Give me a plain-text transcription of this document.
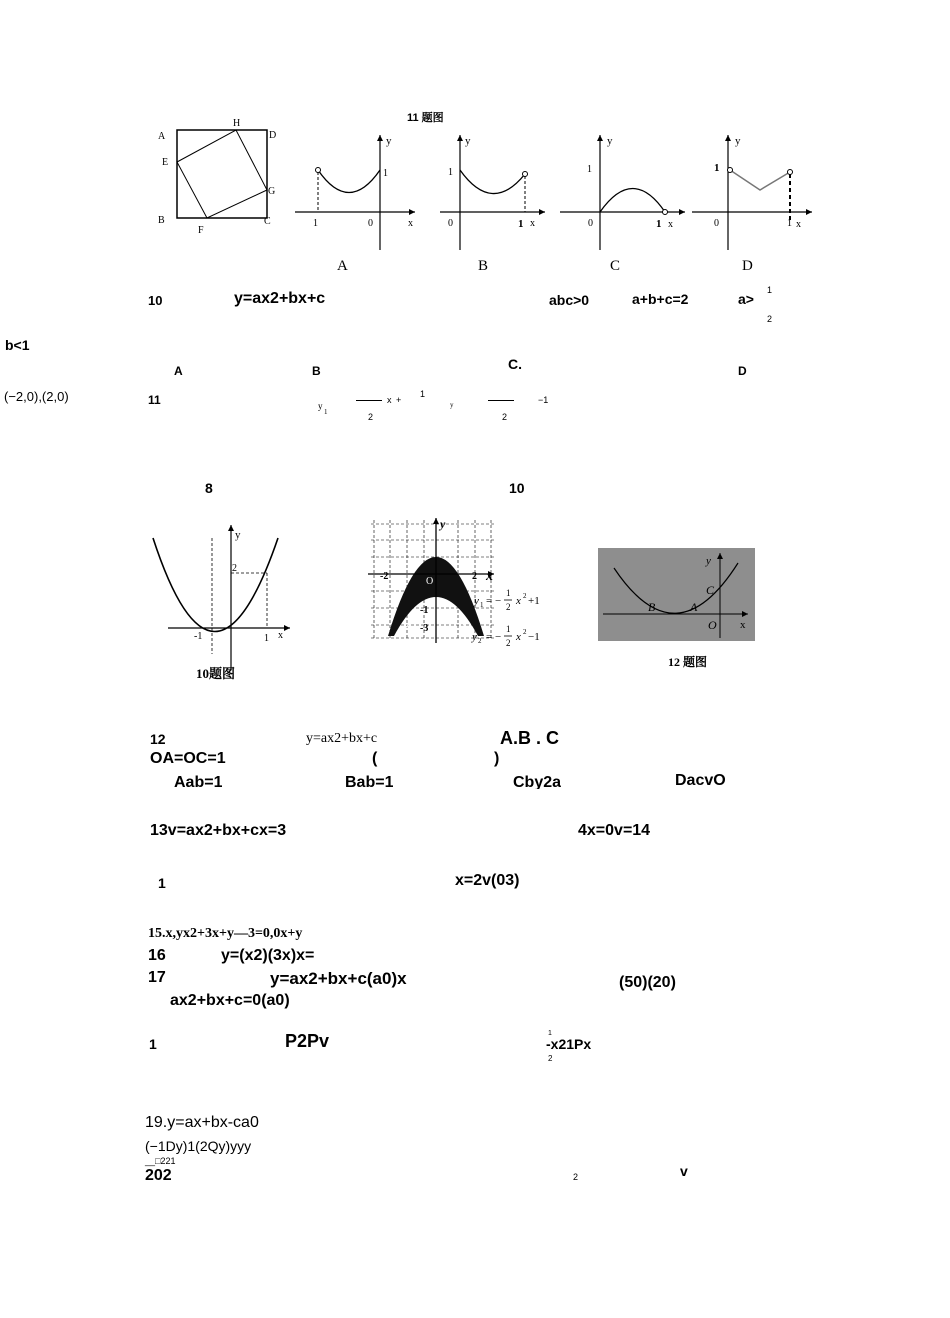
11 题图
A
H
D
E
G
B
F
C
y
1
1	0	x
A
y
1
0	1 x
B
y
1
0	1 x
C
y
1
0	1 x
D
10	y=ax2+bx+c	abc>0	a+b+c=2	a>
1
2
b<1
A	B	C.	D
(−2,0),(2,0)	11	y
1	2
x +
1
y
2
−1
8	10
y
2
-1	1 x
10题图
y
-2	O	2 x
1
-1
-3
y 1 = −
1
2 x 2 +1
y 2 = −
1
2 x 2 −1
y
x
C
B	A
O
12 题图
12	y=ax2+bx+c	A.B . C
OA=OC=1	(	)
Aab=1	Bab=1	Cby2a	DacvO
13v=ax2+bx+cx=3	4x=0v=14
1	x=2v(03)
15.x,yx2+3x+y—3=0,0x+y
16	y=(x2)(3x)x=
17	y=ax2+bx+c(a0)x	(50)(20)
ax2+bx+c=0(a0)
1	P2Pv	1
-x21Px
2
19.y=ax+bx-ca0
(−1Dy)1(2Qy)yyy
__□221
202	2	v
